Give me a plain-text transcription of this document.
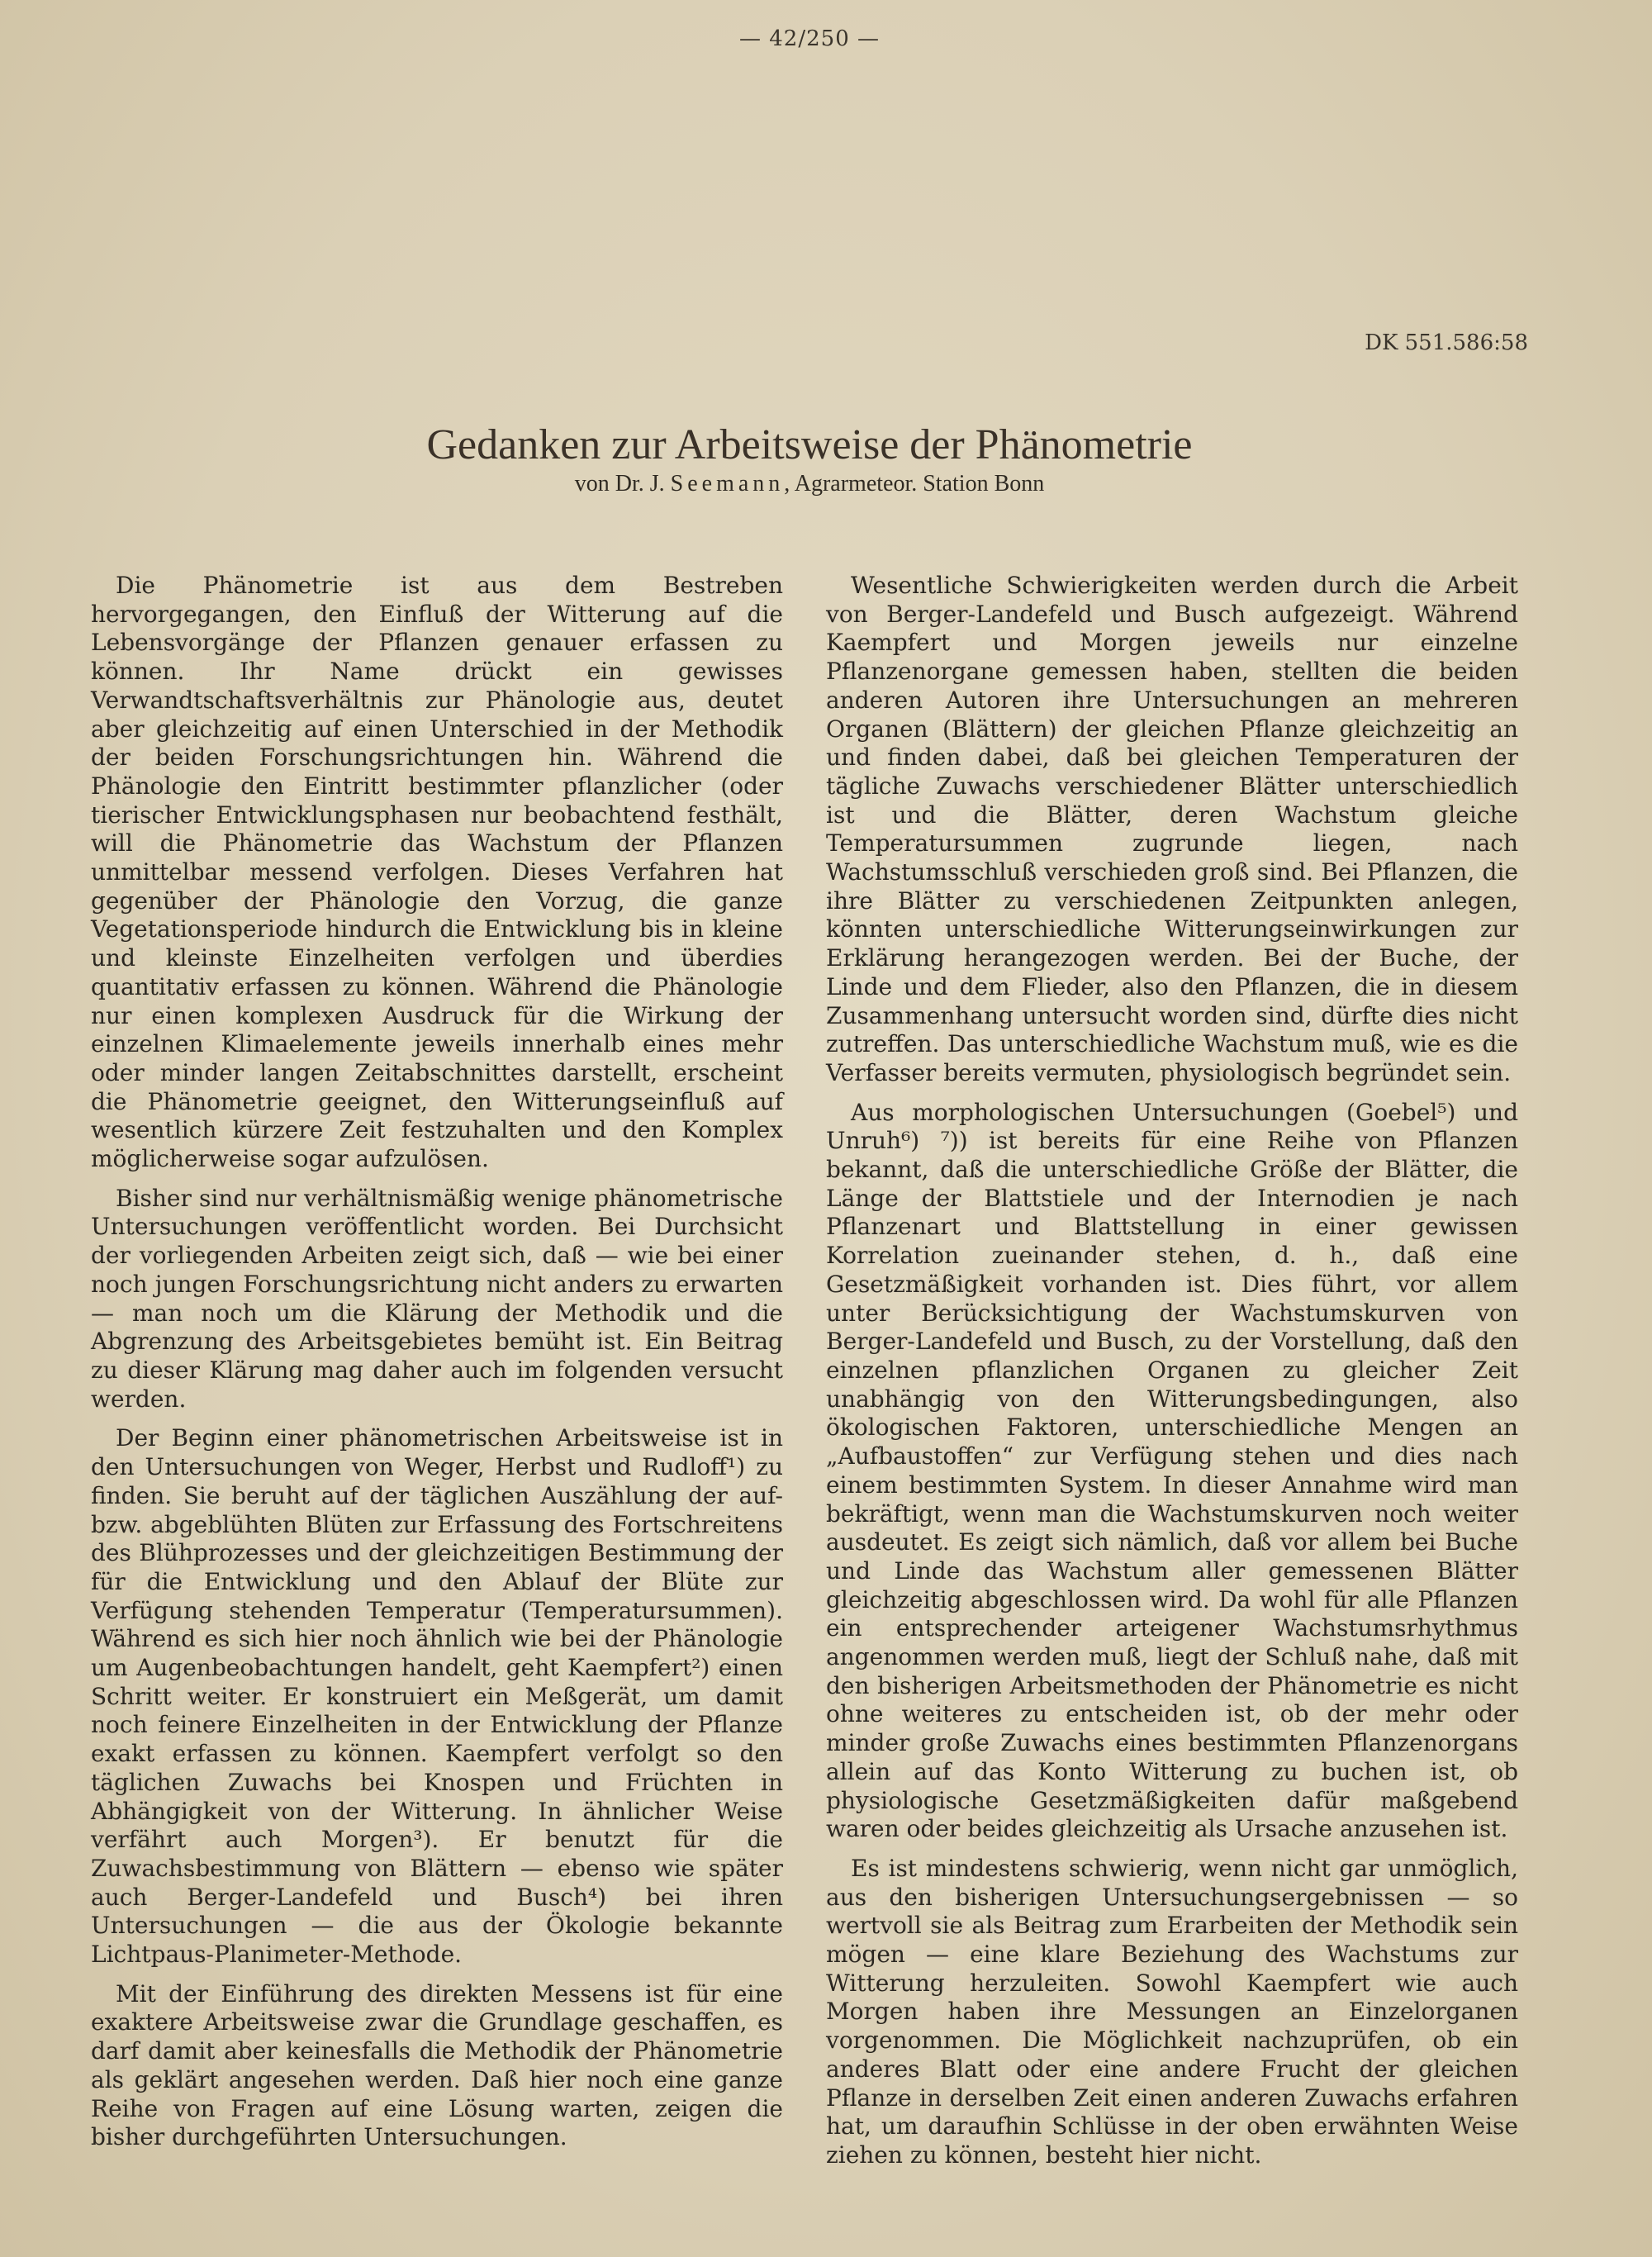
— 42/250 —
DK 551.586:58
Gedanken zur Arbeitsweise der Phänometrie
von Dr. J. Seemann, Agrarmeteor. Station Bonn

Die Phänometrie ist aus dem Bestreben hervorgegangen, den Einfluß der Witterung auf die Lebensvorgänge der Pflanzen genauer erfassen zu können. Ihr Name drückt ein gewisses Verwandtschaftsverhältnis zur Phänologie aus, deutet aber gleichzeitig auf einen Unterschied in der Methodik der beiden Forschungsrichtungen hin. Während die Phänologie den Eintritt bestimmter pflanzlicher (oder tierischer Entwicklungsphasen nur beobachtend festhält, will die Phänometrie das Wachstum der Pflanzen unmittelbar messend verfolgen. Dieses Verfahren hat gegenüber der Phänologie den Vorzug, die ganze Vegetationsperiode hindurch die Entwicklung bis in kleine und kleinste Einzelheiten verfolgen und überdies quantitativ erfassen zu können. Während die Phänologie nur einen komplexen Ausdruck für die Wirkung der einzelnen Klimaelemente jeweils innerhalb eines mehr oder minder langen Zeitabschnittes darstellt, erscheint die Phänometrie geeignet, den Witterungseinfluß auf wesentlich kürzere Zeit festzuhalten und den Komplex möglicherweise sogar aufzulösen.

Bisher sind nur verhältnismäßig wenige phänometrische Untersuchungen veröffentlicht worden. Bei Durchsicht der vorliegenden Arbeiten zeigt sich, daß — wie bei einer noch jungen Forschungsrichtung nicht anders zu erwarten — man noch um die Klärung der Methodik und die Abgrenzung des Arbeitsgebietes bemüht ist. Ein Beitrag zu dieser Klärung mag daher auch im folgenden versucht werden.

Der Beginn einer phänometrischen Arbeitsweise ist in den Untersuchungen von Weger, Herbst und Rudloff¹) zu finden. Sie beruht auf der täglichen Auszählung der auf- bzw. abgeblühten Blüten zur Erfassung des Fortschreitens des Blühprozesses und der gleichzeitigen Bestimmung der für die Entwicklung und den Ablauf der Blüte zur Verfügung stehenden Temperatur (Temperatursummen). Während es sich hier noch ähnlich wie bei der Phänologie um Augenbeobachtungen handelt, geht Kaempfert²) einen Schritt weiter. Er konstruiert ein Meßgerät, um damit noch feinere Einzelheiten in der Entwicklung der Pflanze exakt erfassen zu können. Kaempfert verfolgt so den täglichen Zuwachs bei Knospen und Früchten in Abhängigkeit von der Witterung. In ähnlicher Weise verfährt auch Morgen³). Er benutzt für die Zuwachsbestimmung von Blättern — ebenso wie später auch Berger-Landefeld und Busch⁴) bei ihren Untersuchungen — die aus der Ökologie bekannte Lichtpaus-Planimeter-Methode.

Mit der Einführung des direkten Messens ist für eine exaktere Arbeitsweise zwar die Grundlage geschaffen, es darf damit aber keinesfalls die Methodik der Phänometrie als geklärt angesehen werden. Daß hier noch eine ganze Reihe von Fragen auf eine Lösung warten, zeigen die bisher durchgeführten Untersuchungen.

Wesentliche Schwierigkeiten werden durch die Arbeit von Berger-Landefeld und Busch aufgezeigt. Während Kaempfert und Morgen jeweils nur einzelne Pflanzenorgane gemessen haben, stellten die beiden anderen Autoren ihre Untersuchungen an mehreren Organen (Blättern) der gleichen Pflanze gleichzeitig an und finden dabei, daß bei gleichen Temperaturen der tägliche Zuwachs verschiedener Blätter unterschiedlich ist und die Blätter, deren Wachstum gleiche Temperatursummen zugrunde liegen, nach Wachstumsschluß verschieden groß sind. Bei Pflanzen, die ihre Blätter zu verschiedenen Zeitpunkten anlegen, könnten unterschiedliche Witterungseinwirkungen zur Erklärung herangezogen werden. Bei der Buche, der Linde und dem Flieder, also den Pflanzen, die in diesem Zusammenhang untersucht worden sind, dürfte dies nicht zutreffen. Das unterschiedliche Wachstum muß, wie es die Verfasser bereits vermuten, physiologisch begründet sein.

Aus morphologischen Untersuchungen (Goebel⁵) und Unruh⁶) ⁷)) ist bereits für eine Reihe von Pflanzen bekannt, daß die unterschiedliche Größe der Blätter, die Länge der Blattstiele und der Internodien je nach Pflanzenart und Blattstellung in einer gewissen Korrelation zueinander stehen, d. h., daß eine Gesetzmäßigkeit vorhanden ist. Dies führt, vor allem unter Berücksichtigung der Wachstumskurven von Berger-Landefeld und Busch, zu der Vorstellung, daß den einzelnen pflanzlichen Organen zu gleicher Zeit unabhängig von den Witterungsbedingungen, also ökologischen Faktoren, unterschiedliche Mengen an „Aufbaustoffen“ zur Verfügung stehen und dies nach einem bestimmten System. In dieser Annahme wird man bekräftigt, wenn man die Wachstumskurven noch weiter ausdeutet. Es zeigt sich nämlich, daß vor allem bei Buche und Linde das Wachstum aller gemessenen Blätter gleichzeitig abgeschlossen wird. Da wohl für alle Pflanzen ein entsprechender arteigener Wachstumsrhythmus angenommen werden muß, liegt der Schluß nahe, daß mit den bisherigen Arbeitsmethoden der Phänometrie es nicht ohne weiteres zu entscheiden ist, ob der mehr oder minder große Zuwachs eines bestimmten Pflanzenorgans allein auf das Konto Witterung zu buchen ist, ob physiologische Gesetzmäßigkeiten dafür maßgebend waren oder beides gleichzeitig als Ursache anzusehen ist.

Es ist mindestens schwierig, wenn nicht gar unmöglich, aus den bisherigen Untersuchungsergebnissen — so wertvoll sie als Beitrag zum Erarbeiten der Methodik sein mögen — eine klare Beziehung des Wachstums zur Witterung herzuleiten. Sowohl Kaempfert wie auch Morgen haben ihre Messungen an Einzelorganen vorgenommen. Die Möglichkeit nachzuprüfen, ob ein anderes Blatt oder eine andere Frucht der gleichen Pflanze in derselben Zeit einen anderen Zuwachs erfahren hat, um daraufhin Schlüsse in der oben erwähnten Weise ziehen zu können, besteht hier nicht.
